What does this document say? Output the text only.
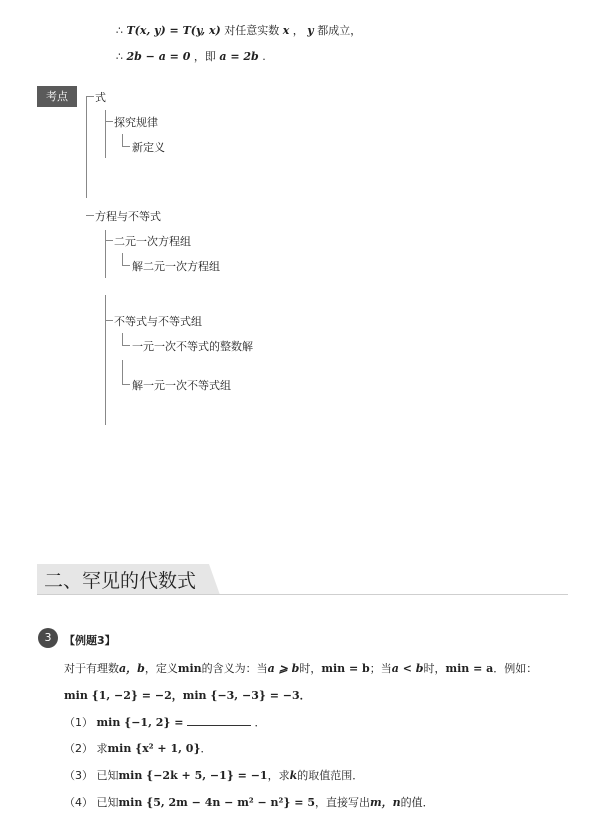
∴ T(x, y) = T(y, x) 对任意实数 x ， y 都成立，
∴ 2b − a = 0 ，即 a = 2b .
考点	式
探究规律
新定义
方程与不等式
二元一次方程组
解二元一次方程组
不等式与不等式组
一元一次不等式的整数解
解一元一次不等式组
二、罕见的代数式
3	【例题3】
对于有理数a，b，定义min的含义为：当a ⩾ b时，min = b；当a < b时，min = a．例如：
min {1, −2} = −2，min {−3, −3} = −3．
（1） min {−1, 2} =	．
（2） 求min {x² + 1, 0}．
（3） 已知min {−2k + 5, −1} = −1，求k的取值范围．
（4） 已知min {5, 2m − 4n − m² − n²} = 5，直接写出m，n的值．
